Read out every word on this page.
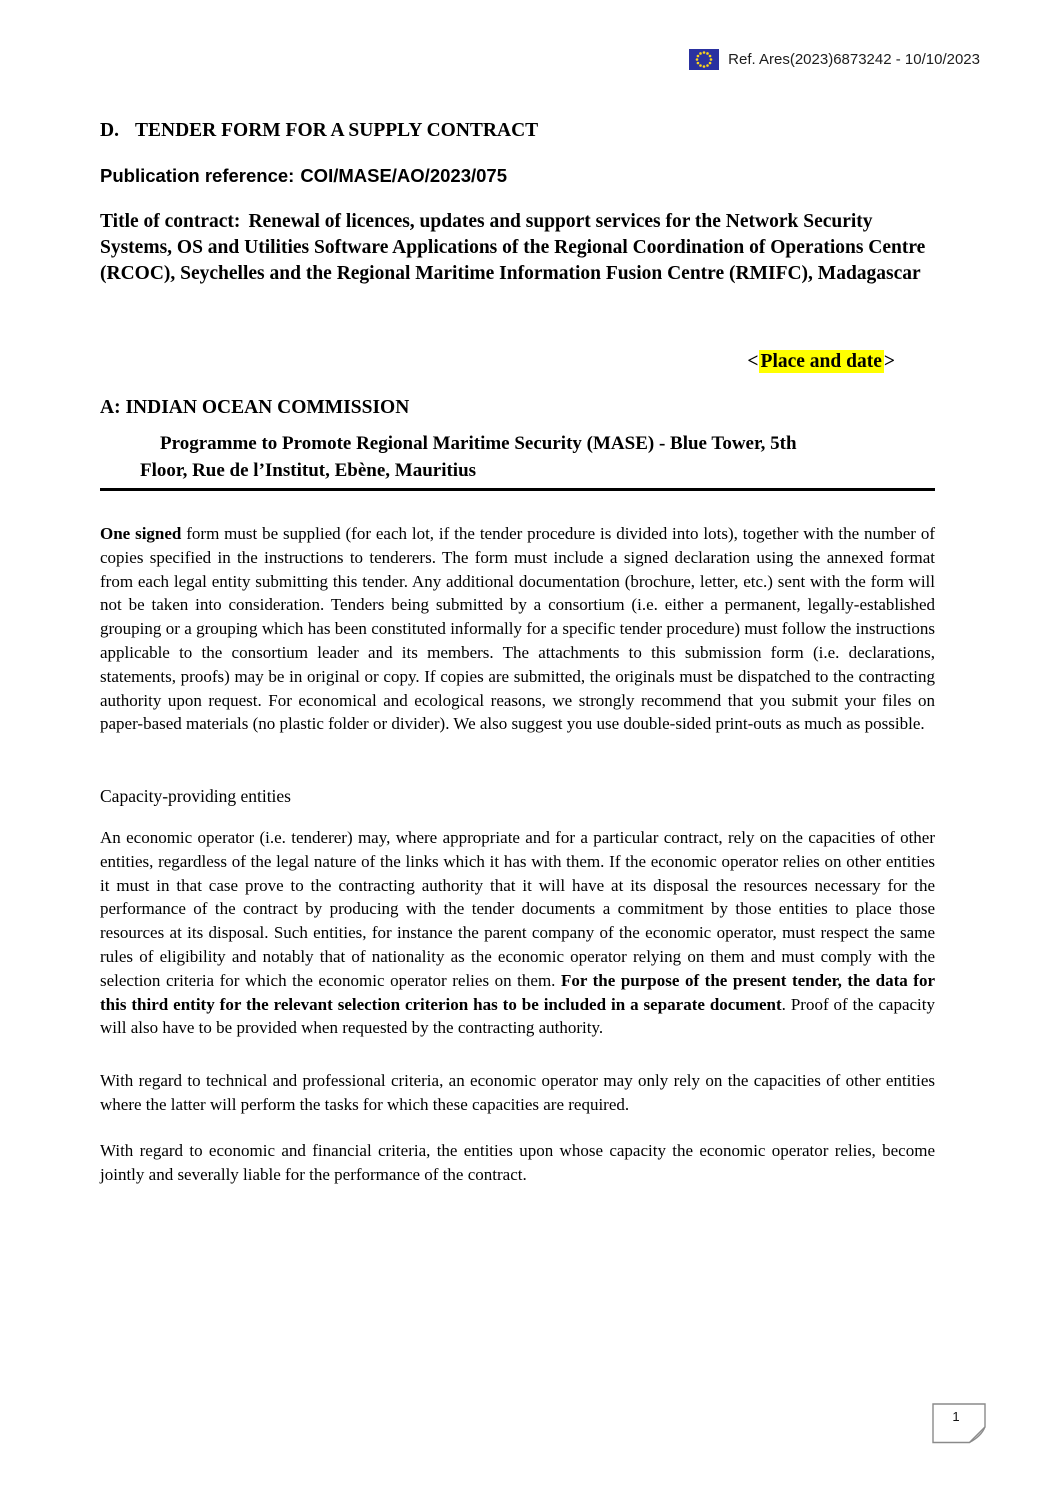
Ref. Ares(2023)6873242 - 10/10/2023
D. TENDER FORM FOR A SUPPLY CONTRACT
Publication reference: COI/MASE/AO/2023/075
Title of contract: Renewal of licences, updates and support services for the Network Security Systems, OS and Utilities Software Applications of the Regional Coordination of Operations Centre (RCOC), Seychelles and the Regional Maritime Information Fusion Centre (RMIFC), Madagascar
< Place and date >
A: INDIAN OCEAN COMMISSION
Programme to Promote Regional Maritime Security (MASE) - Blue Tower, 5th
Floor, Rue de l’Institut, Ebène, Mauritius
One signed form must be supplied (for each lot, if the tender procedure is divided into lots), together with the number of copies specified in the instructions to tenderers. The form must include a signed declaration using the annexed format from each legal entity submitting this tender. Any additional documentation (brochure, letter, etc.) sent with the form will not be taken into consideration. Tenders being submitted by a consortium (i.e. either a permanent, legally-established grouping or a grouping which has been constituted informally for a specific tender procedure) must follow the instructions applicable to the consortium leader and its members. The attachments to this submission form (i.e. declarations, statements, proofs) may be in original or copy. If copies are submitted, the originals must be dispatched to the contracting authority upon request. For economical and ecological reasons, we strongly recommend that you submit your files on paper-based materials (no plastic folder or divider). We also suggest you use double-sided print-outs as much as possible.
Capacity-providing entities
An economic operator (i.e. tenderer) may, where appropriate and for a particular contract, rely on the capacities of other entities, regardless of the legal nature of the links which it has with them. If the economic operator relies on other entities it must in that case prove to the contracting authority that it will have at its disposal the resources necessary for the performance of the contract by producing with the tender documents a commitment by those entities to place those resources at its disposal. Such entities, for instance the parent company of the economic operator, must respect the same rules of eligibility and notably that of nationality as the economic operator relying on them and must comply with the selection criteria for which the economic operator relies on them. For the purpose of the present tender, the data for this third entity for the relevant selection criterion has to be included in a separate document. Proof of the capacity will also have to be provided when requested by the contracting authority.
With regard to technical and professional criteria, an economic operator may only rely on the capacities of other entities where the latter will perform the tasks for which these capacities are required.
With regard to economic and financial criteria, the entities upon whose capacity the economic operator relies, become jointly and severally liable for the performance of the contract.
1
